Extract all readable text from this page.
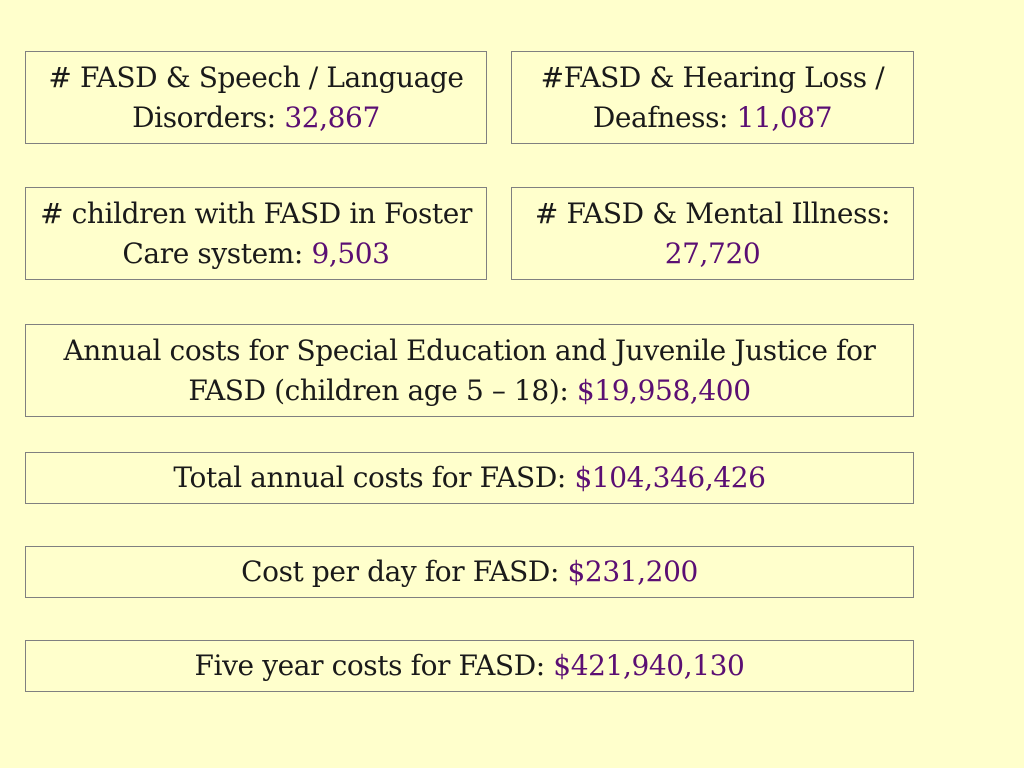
# FASD & Speech / Language Disorders: 32,867
#FASD & Hearing Loss / Deafness: 11,087
# children with FASD in Foster Care system: 9,503
# FASD & Mental Illness: 27,720
Annual costs for Special Education and Juvenile Justice for FASD (children age 5 – 18): $19,958,400
Total annual costs for FASD: $104,346,426
Cost per day for FASD: $231,200
Five year costs for FASD: $421,940,130
